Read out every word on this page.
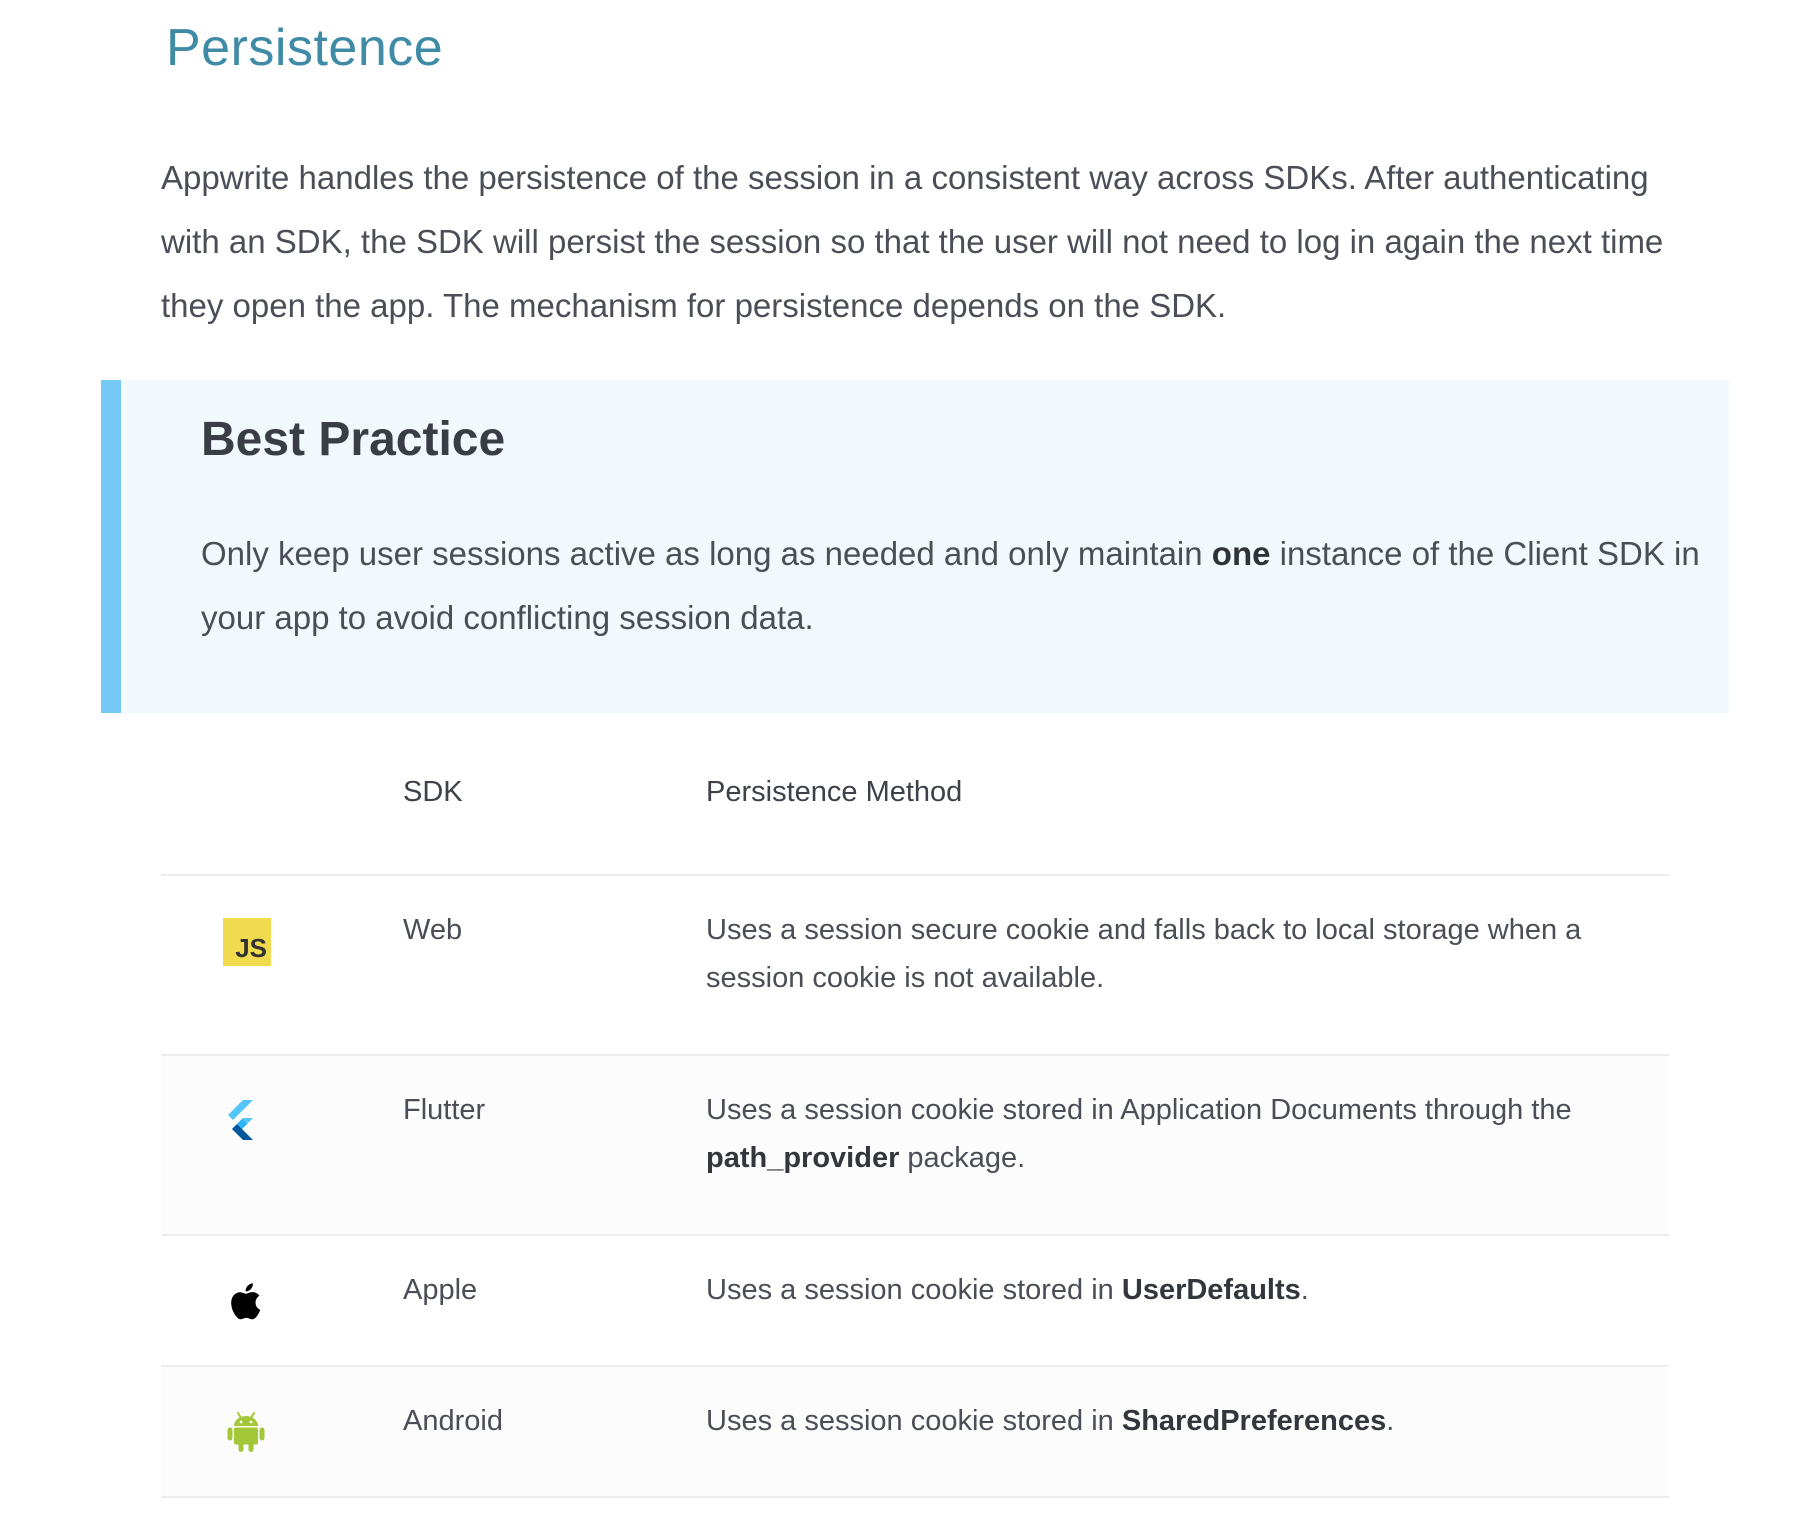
Persistence

Appwrite handles the persistence of the session in a consistent way across SDKs. After authenticating with an SDK, the SDK will persist the session so that the user will not need to log in again the next time they open the app. The mechanism for persistence depends on the SDK.

Best Practice

Only keep user sessions active as long as needed and only maintain one instance of the Client SDK in your app to avoid conflicting session data.

SDK	Persistence Method
JS
Web	Uses a session secure cookie and falls back to local storage when a session cookie is not available.
Flutter	Uses a session cookie stored in Application Documents through the path_provider package.
Apple	Uses a session cookie stored in UserDefaults.
Android	Uses a session cookie stored in SharedPreferences.
